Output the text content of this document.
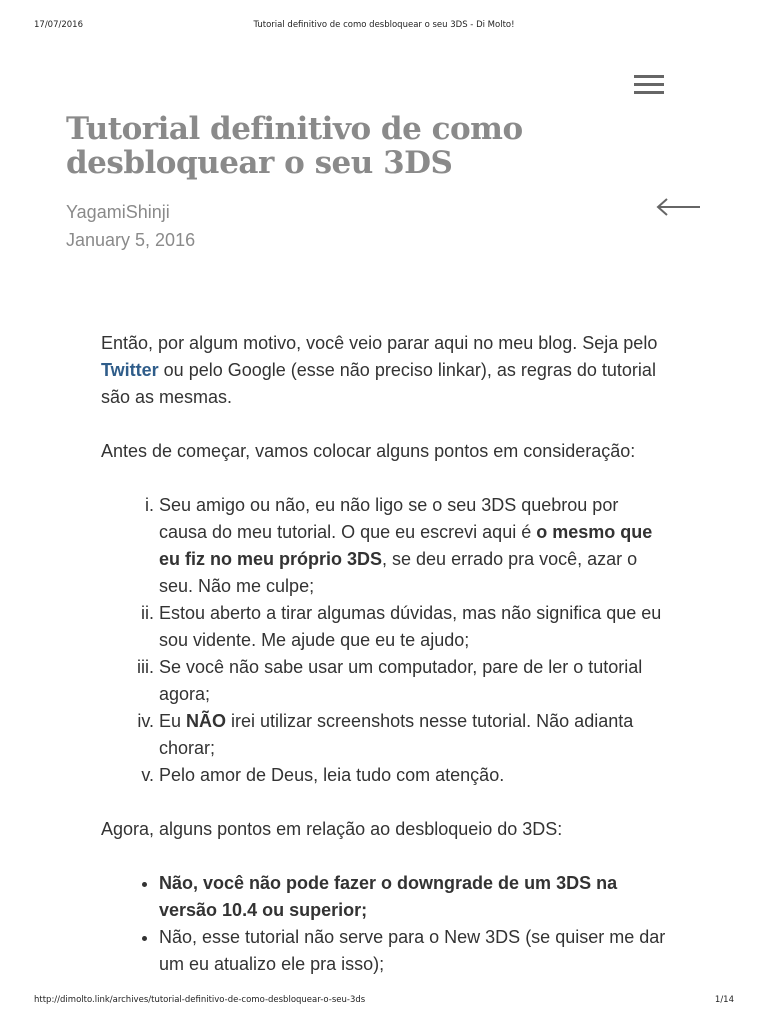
17/07/2016	Tutorial definitivo de como desbloquear o seu 3DS - Di Molto!
Tutorial definitivo de como desbloquear o seu 3DS
YagamiShinji
January 5, 2016

Então, por algum motivo, você veio parar aqui no meu blog. Seja pelo Twitter ou pelo Google (esse não preciso linkar), as regras do tutorial são as mesmas.

Antes de começar, vamos colocar alguns pontos em consideração:

i. Seu amigo ou não, eu não ligo se o seu 3DS quebrou por causa do meu tutorial. O que eu escrevi aqui é o mesmo que eu fiz no meu próprio 3DS, se deu errado pra você, azar o seu. Não me culpe;
ii. Estou aberto a tirar algumas dúvidas, mas não significa que eu sou vidente. Me ajude que eu te ajudo;
iii. Se você não sabe usar um computador, pare de ler o tutorial agora;
iv. Eu NÃO irei utilizar screenshots nesse tutorial. Não adianta chorar;
v. Pelo amor de Deus, leia tudo com atenção.

Agora, alguns pontos em relação ao desbloqueio do 3DS:

• Não, você não pode fazer o downgrade de um 3DS na versão 10.4 ou superior;
• Não, esse tutorial não serve para o New 3DS (se quiser me dar um eu atualizo ele pra isso);
http://dimolto.link/archives/tutorial-definitivo-de-como-desbloquear-o-seu-3ds	1/14
